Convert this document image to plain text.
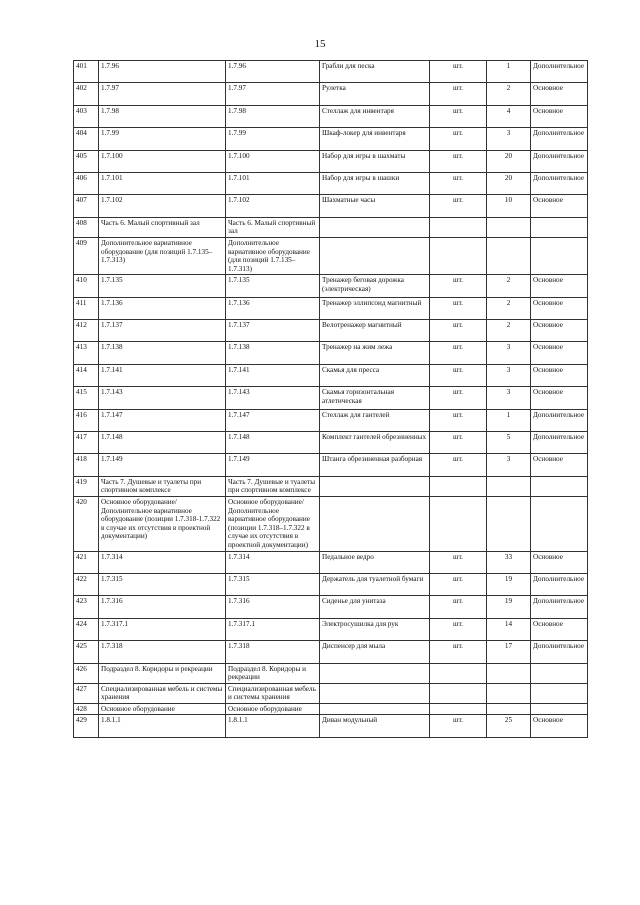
15
401	1.7.96	1.7.96	Грабли для песка	шт.	1	Дополнительное
402	1.7.97	1.7.97	Рулетка	шт.	2	Основное
403	1.7.98	1.7.98	Стеллаж для инвентаря	шт.	4	Основное
404	1.7.99	1.7.99	Шкаф-локер для инвентаря	шт.	3	Дополнительное
405	1.7.100	1.7.100	Набор для игры в шахматы	шт.	20	Дополнительное
406	1.7.101	1.7.101	Набор для игры в шашки	шт.	20	Дополнительное
407	1.7.102	1.7.102	Шахматные часы	шт.	10	Основное
408	Часть 6. Малый спортивный зал	Часть 6. Малый спортивный зал				
409	Дополнительное вариативное оборудование (для позиций 1.7.135–1.7.313)	Дополнительное вариативное оборудование (для позиций 1.7.135–1.7.313)				
410	1.7.135	1.7.135	Тренажер беговая дорожка (электрическая)	шт.	2	Основное
411	1.7.136	1.7.136	Тренажер эллипсоид магнитный	шт.	2	Основное
412	1.7.137	1.7.137	Велотренажер магнитный	шт.	2	Основное
413	1.7.138	1.7.138	Тренажер на жим лежа	шт.	3	Основное
414	1.7.141	1.7.141	Скамья для пресса	шт.	3	Основное
415	1.7.143	1.7.143	Скамья горизонтальная атлетическая	шт.	3	Основное
416	1.7.147	1.7.147	Стеллаж для гантелей	шт.	1	Дополнительное
417	1.7.148	1.7.148	Комплект гантелей обрезиненных	шт.	5	Дополнительное
418	1.7.149	1.7.149	Штанга обрезиненная разборная	шт.	3	Основное
419	Часть 7. Душевые и туалеты при спортивном комплексе	Часть 7. Душевые и туалеты при спортивном комплексе				
420	Основное оборудование/Дополнительное вариативное оборудование (позиции 1.7.318-1.7.322 в случае их отсутствия в проектной документации)	Основное оборудование/Дополнительное вариативное оборудование (позиции 1.7.318–1.7.322 в случае их отсутствия в проектной документации)				
421	1.7.314	1.7.314	Педальное ведро	шт.	33	Основное
422	1.7.315	1.7.315	Держатель для туалетной бумаги	шт.	19	Дополнительное
423	1.7.316	1.7.316	Сиденье для унитаза	шт.	19	Дополнительное
424	1.7.317.1	1.7.317.1	Электросушилка для рук	шт.	14	Основное
425	1.7.318	1.7.318	Диспенсер для мыла	шт.	17	Дополнительное
426	Подраздел 8. Коридоры и рекреации	Подраздел 8. Коридоры и рекреации				
427	Специализированная мебель и системы хранения	Специализированная мебель и системы хранения				
428	Основное оборудование	Основное оборудование				
429	1.8.1.1	1.8.1.1	Диван модульный	шт.	25	Основное
